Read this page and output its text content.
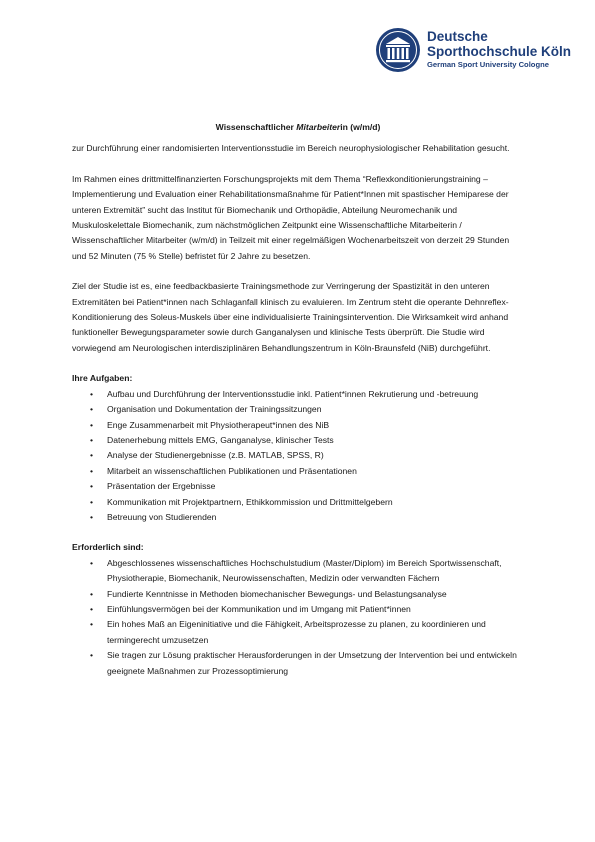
Deutsche
Sporthochschule Köln
German Sport University Cologne
Wissenschaftlicher Mitarbeiterin (w/m/d)

zur Durchführung einer randomisierten Interventionsstudie im Bereich neurophysiologischer Rehabilitation gesucht.

Im Rahmen eines drittmittelfinanzierten Forschungsprojekts mit dem Thema “Reflexkonditionierungstraining – Implementierung und Evaluation einer Rehabilitationsmaßnahme für Patient*Innen mit spastischer Hemiparese der unteren Extremität” sucht das Institut für Biomechanik und Orthopädie, Abteilung Neuromechanik und Muskuloskelettale Biomechanik, zum nächstmöglichen Zeitpunkt eine Wissenschaftliche Mitarbeiterin / Wissenschaftlicher Mitarbeiter (w/m/d) in Teilzeit mit einer regelmäßigen Wochenarbeitszeit von derzeit 29 Stunden und 52 Minuten (75 % Stelle) befristet für 2 Jahre zu besetzen.

Ziel der Studie ist es, eine feedbackbasierte Trainingsmethode zur Verringerung der Spastizität in den unteren Extremitäten bei Patient*innen nach Schlaganfall klinisch zu evaluieren. Im Zentrum steht die operante Dehnreflex-Konditionierung des Soleus-Muskels über eine individualisierte Trainingsintervention. Die Wirksamkeit wird anhand funktioneller Bewegungsparameter sowie durch Ganganalysen und klinische Tests überprüft. Die Studie wird vorwiegend am Neurologischen interdisziplinären Behandlungszentrum in Köln-Braunsfeld (NiB) durchgeführt.

Ihre Aufgaben:
• Aufbau und Durchführung der Interventionsstudie inkl. Patient*innen Rekrutierung und -betreuung
• Organisation und Dokumentation der Trainingssitzungen
• Enge Zusammenarbeit mit Physiotherapeut*innen des NiB
• Datenerhebung mittels EMG, Ganganalyse, klinischer Tests
• Analyse der Studienergebnisse (z.B. MATLAB, SPSS, R)
• Mitarbeit an wissenschaftlichen Publikationen und Präsentationen
• Präsentation der Ergebnisse
• Kommunikation mit Projektpartnern, Ethikkommission und Drittmittelgebern
• Betreuung von Studierenden
Erforderlich sind:
• Abgeschlossenes wissenschaftliches Hochschulstudium (Master/Diplom) im Bereich Sportwissenschaft, Physiotherapie, Biomechanik, Neurowissenschaften, Medizin oder verwandten Fächern
• Fundierte Kenntnisse in Methoden biomechanischer Bewegungs- und Belastungsanalyse
• Einfühlungsvermögen bei der Kommunikation und im Umgang mit Patient*innen
• Ein hohes Maß an Eigeninitiative und die Fähigkeit, Arbeitsprozesse zu planen, zu koordinieren und termingerecht umzusetzen
• Sie tragen zur Lösung praktischer Herausforderungen in der Umsetzung der Intervention bei und entwickeln geeignete Maßnahmen zur Prozessoptimierung
